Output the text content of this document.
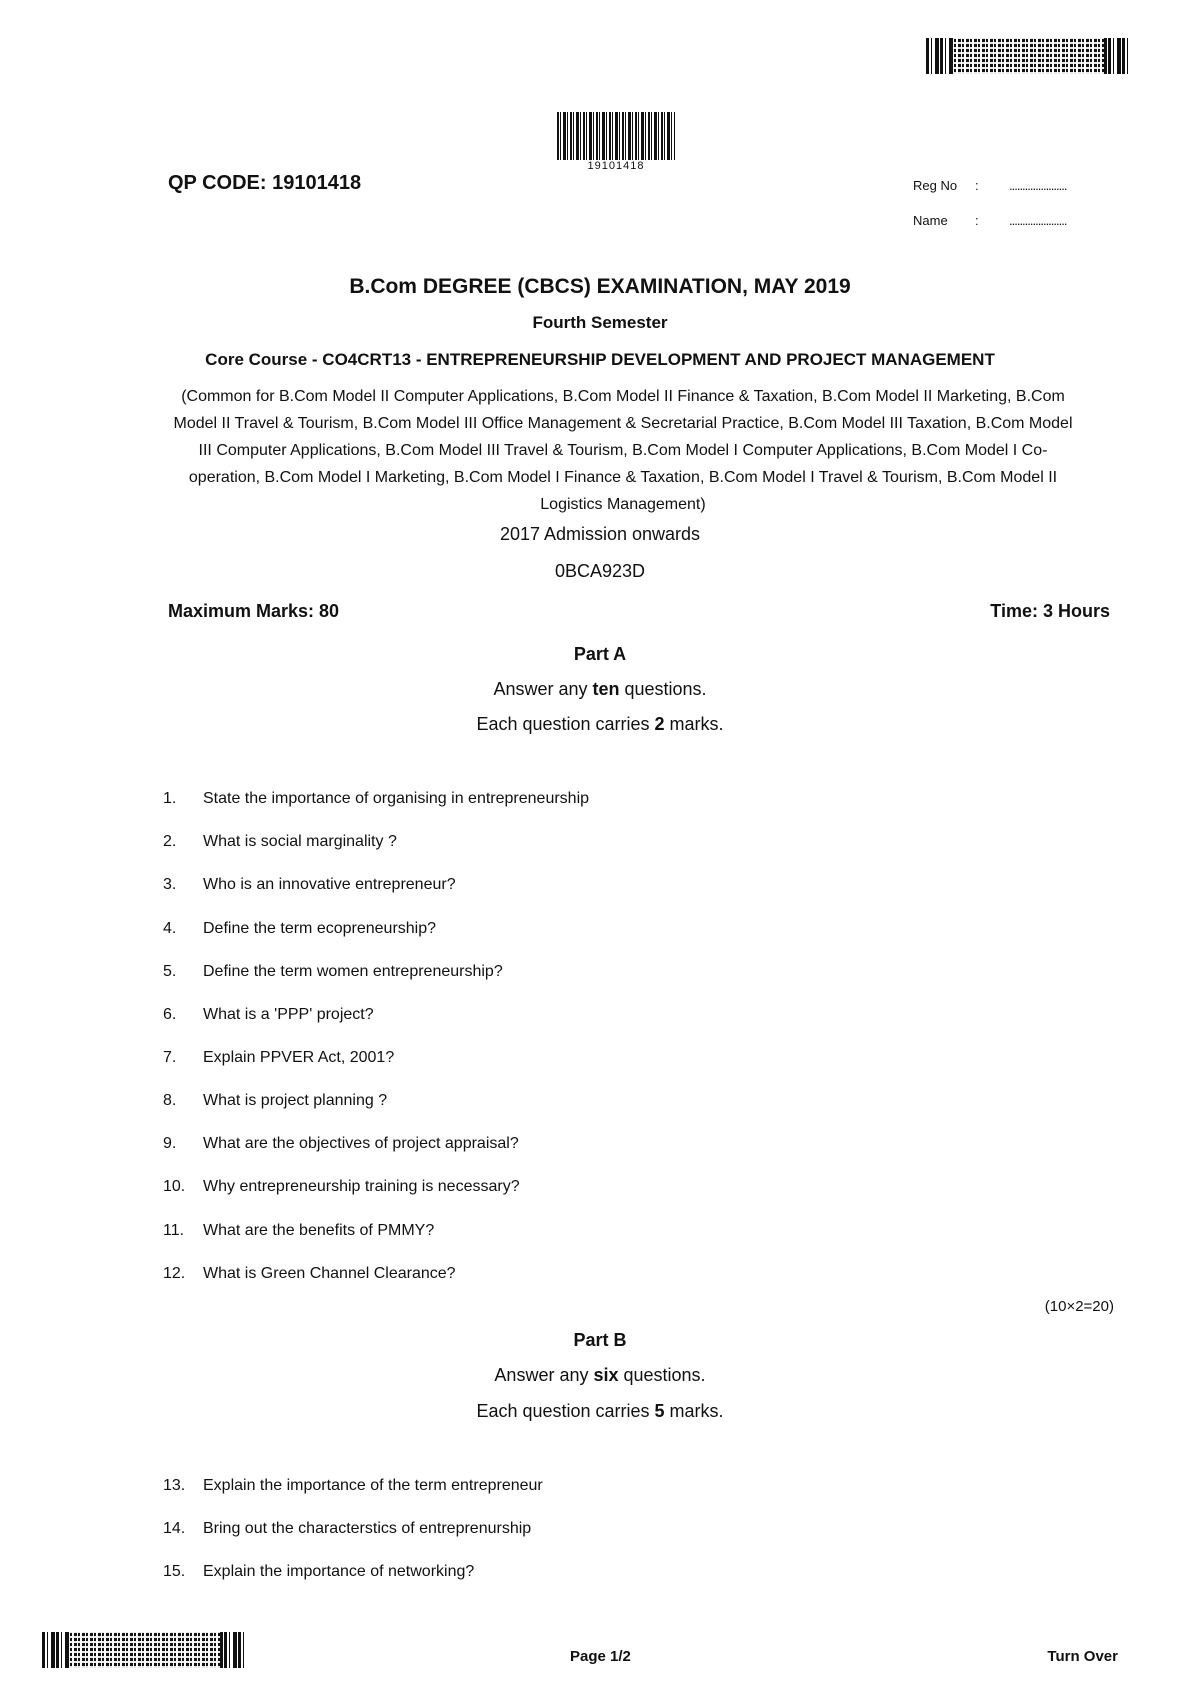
19101418
QP CODE: 19101418	Reg No : ......................
Name : ......................
B.Com DEGREE (CBCS) EXAMINATION, MAY 2019
Fourth Semester
Core Course - CO4CRT13 - ENTREPRENEURSHIP DEVELOPMENT AND PROJECT MANAGEMENT
(Common for B.Com Model II Computer Applications, B.Com Model II Finance & Taxation, B.Com Model II Marketing, B.Com
Model II Travel & Tourism, B.Com Model III Office Management & Secretarial Practice, B.Com Model III Taxation, B.Com Model
III Computer Applications, B.Com Model III Travel & Tourism, B.Com Model I Computer Applications, B.Com Model I Co-
operation, B.Com Model I Marketing, B.Com Model I Finance & Taxation, B.Com Model I Travel & Tourism, B.Com Model II
Logistics Management)
2017 Admission onwards
0BCA923D
Maximum Marks: 80	Time: 3 Hours
Part A
Answer any ten questions.
Each question carries 2 marks.
1. State the importance of organising in entrepreneurship
2. What is social marginality ?
3. Who is an innovative entrepreneur?
4. Define the term ecopreneurship?
5. Define the term women entrepreneurship?
6. What is a 'PPP' project?
7. Explain PPVER Act, 2001?
8. What is project planning ?
9. What are the objectives of project appraisal?
10. Why entrepreneurship training is necessary?
11. What are the benefits of PMMY?
12. What is Green Channel Clearance?
(10×2=20)
Part B
Answer any six questions.
Each question carries 5 marks.
13. Explain the importance of the term entrepreneur
14. Bring out the characterstics of entreprenurship
15. Explain the importance of networking?
Page 1/2	Turn Over
